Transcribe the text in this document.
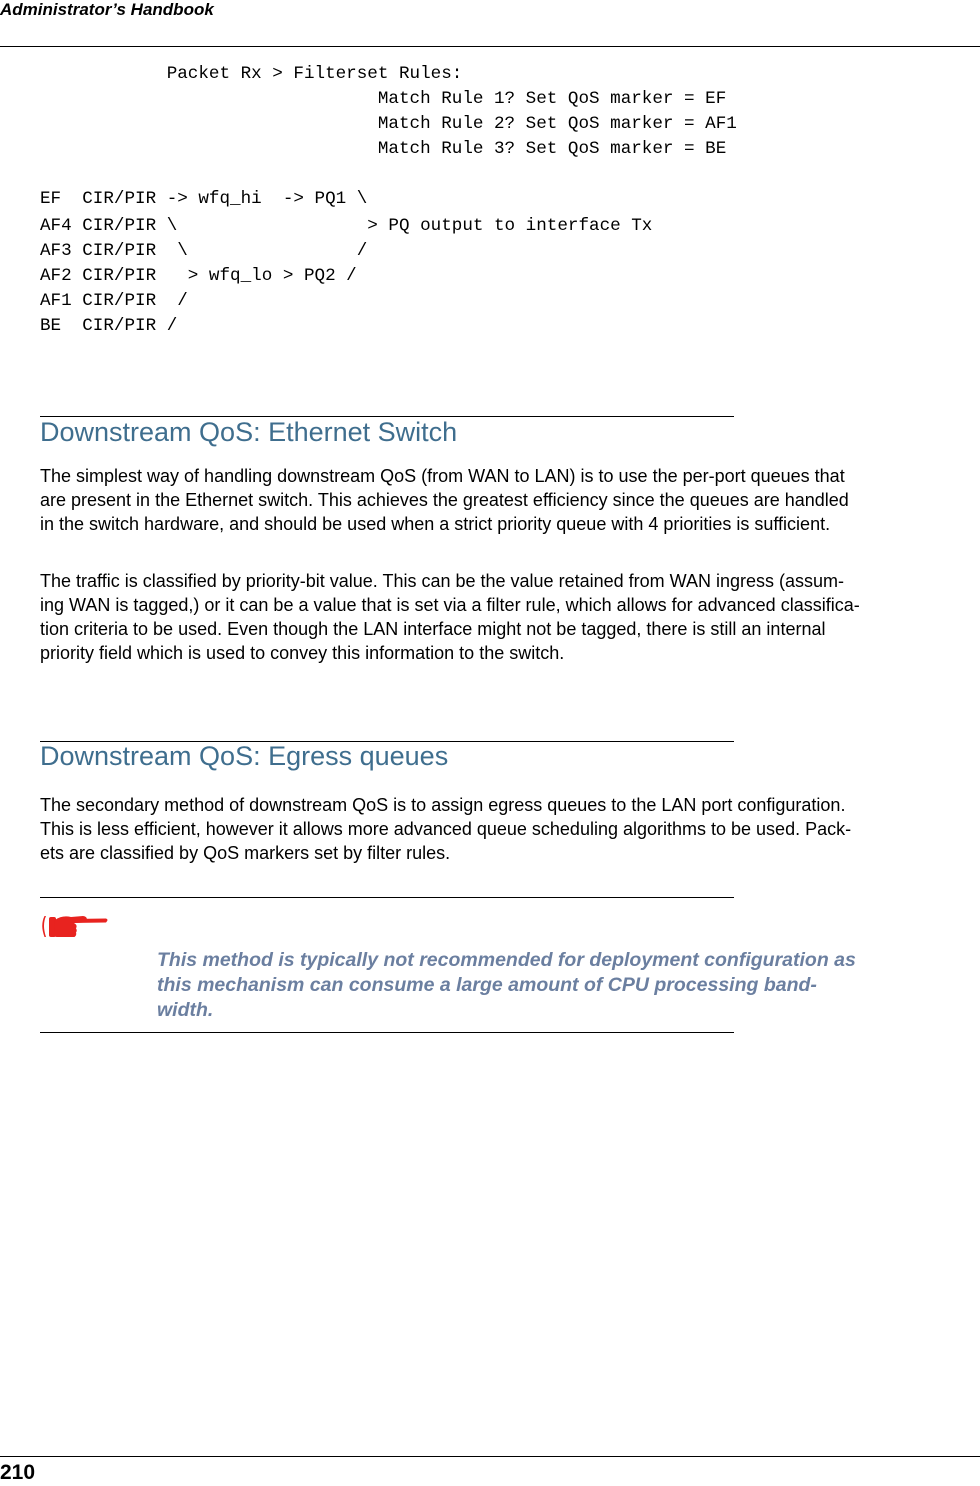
Administrator’s Handbook
Packet Rx > Filterset Rules:
Match Rule 1? Set QoS marker = EF
Match Rule 2? Set QoS marker = AF1
Match Rule 3? Set QoS marker = BE
EF  CIR/PIR -> wfq_hi  -> PQ1 \
AF4 CIR/PIR \                  > PQ output to interface Tx
AF3 CIR/PIR  \                /
AF2 CIR/PIR   > wfq_lo > PQ2 /
AF1 CIR/PIR  /
BE  CIR/PIR /
Downstream QoS: Ethernet Switch

The simplest way of handling downstream QoS (from WAN to LAN) is to use the per-port queues that
are present in the Ethernet switch. This achieves the greatest efficiency since the queues are handled
in the switch hardware, and should be used when a strict priority queue with 4 priorities is sufficient.

The traffic is classified by priority-bit value. This can be the value retained from WAN ingress (assum-
ing WAN is tagged,) or it can be a value that is set via a filter rule, which allows for advanced classifica-
tion criteria to be used. Even though the LAN interface might not be tagged, there is still an internal
priority field which is used to convey this information to the switch.

Downstream QoS: Egress queues

The secondary method of downstream QoS is to assign egress queues to the LAN port configuration.
This is less efficient, however it allows more advanced queue scheduling algorithms to be used. Pack-
ets are classified by QoS markers set by filter rules.

This method is typically not recommended for deployment configuration as
this mechanism can consume a large amount of CPU processing band-
width.

210
